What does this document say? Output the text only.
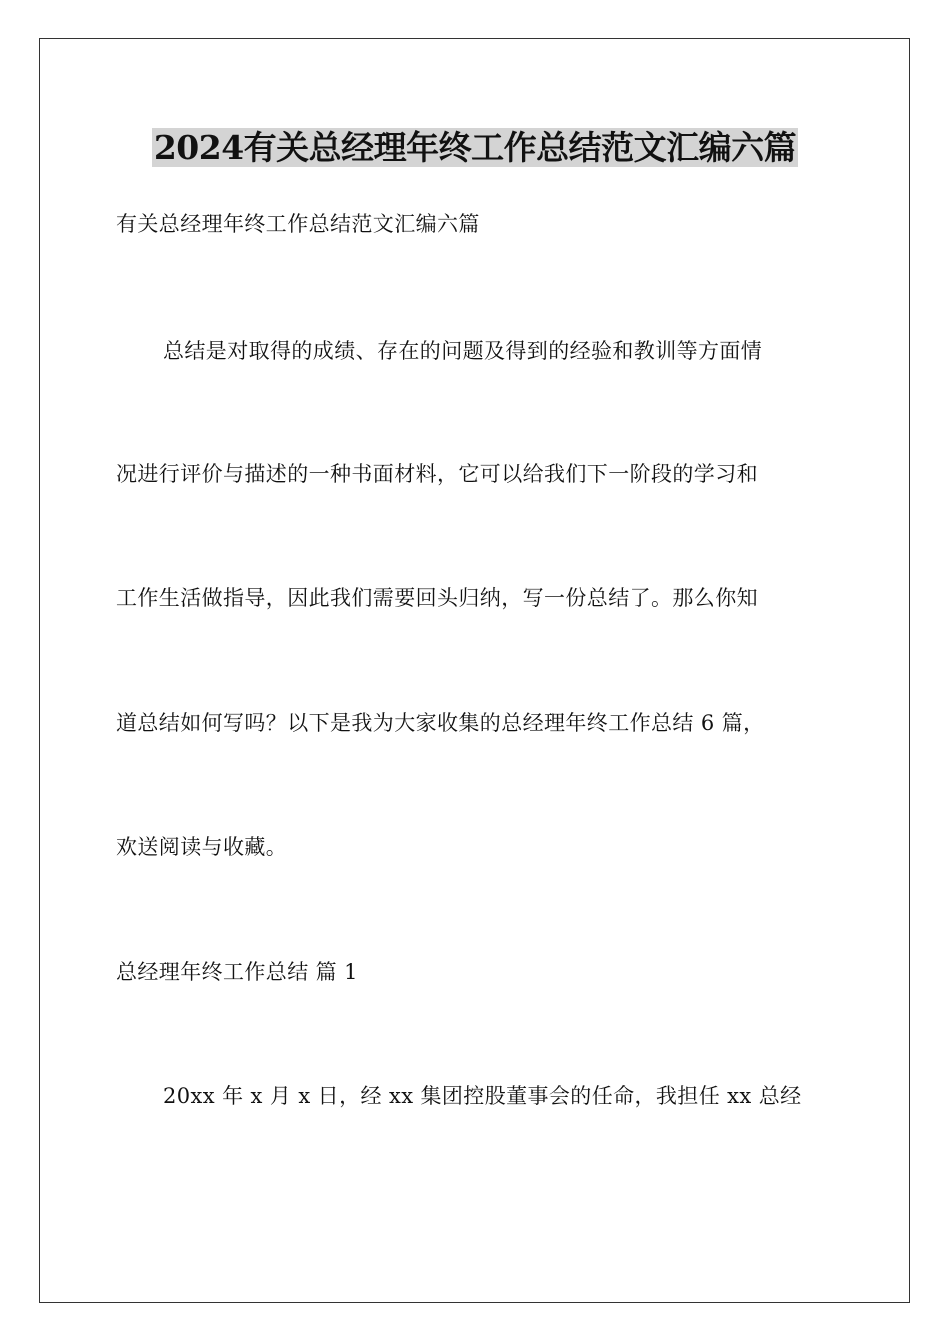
2024有关总经理年终工作总结范文汇编六篇
有关总经理年终工作总结范文汇编六篇
总结是对取得的成绩、存在的问题及得到的经验和教训等方面情
况进行评价与描述的一种书面材料，它可以给我们下一阶段的学习和
工作生活做指导，因此我们需要回头归纳，写一份总结了。那么你知
道总结如何写吗？以下是我为大家收集的总经理年终工作总结 6 篇，
欢送阅读与收藏。
总经理年终工作总结 篇 1
20xx 年 x 月 x 日，经 xx 集团控股董事会的任命，我担任 xx 总经
